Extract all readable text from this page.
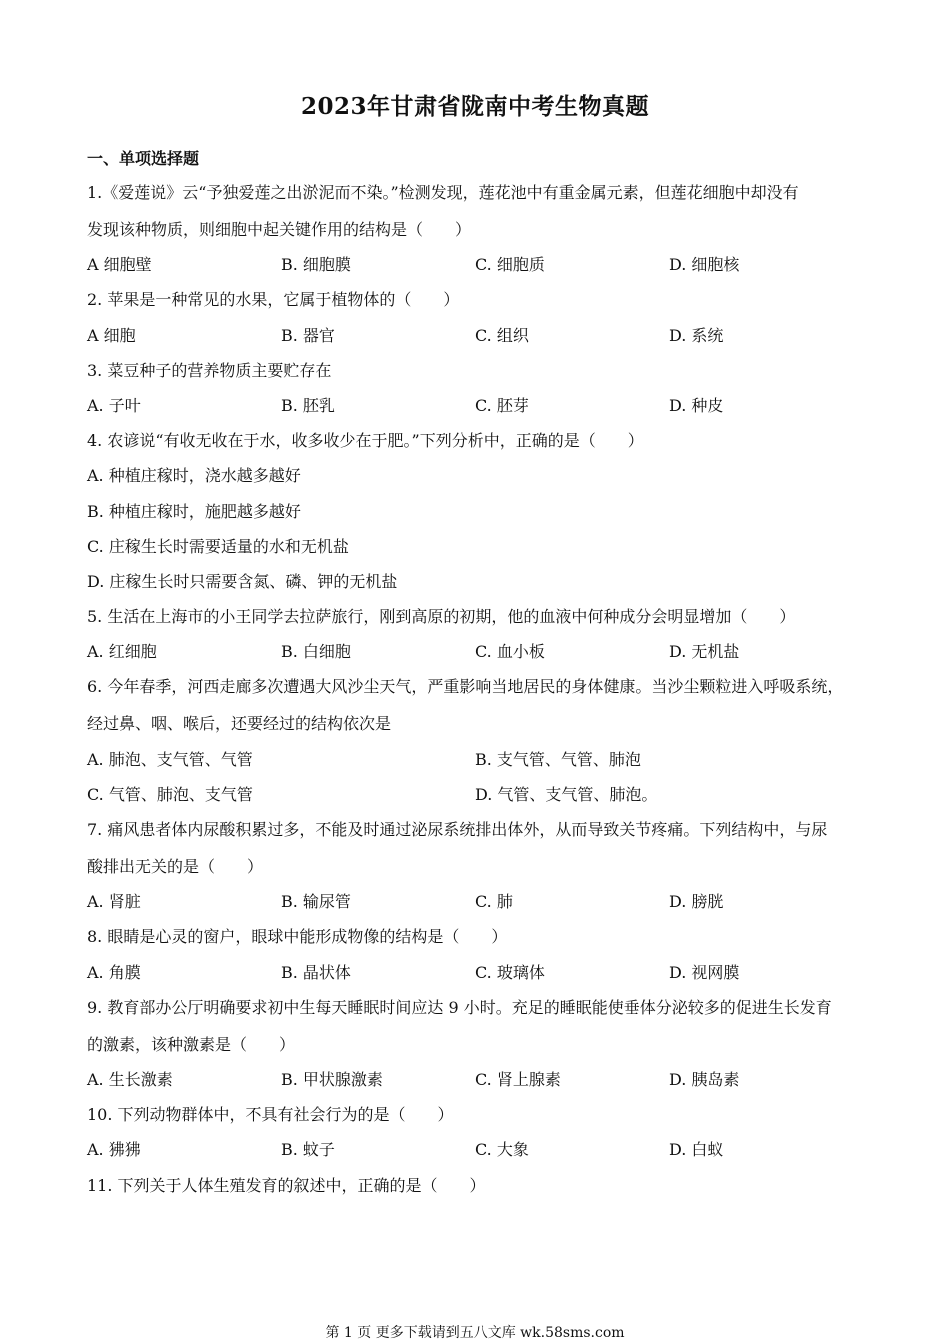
2023年甘肃省陇南中考生物真题
一、单项选择题
1.《爱莲说》云“予独爱莲之出淤泥而不染。”检测发现，莲花池中有重金属元素，但莲花细胞中却没有
发现该种物质，则细胞中起关键作用的结构是（　　）
A 细胞壁	B. 细胞膜	C. 细胞质	D. 细胞核
2. 苹果是一种常见的水果，它属于植物体的（　　）
A 细胞	B. 器官	C. 组织	D. 系统
3. 菜豆种子的营养物质主要贮存在
A. 子叶	B. 胚乳	C. 胚芽	D. 种皮
4. 农谚说“有收无收在于水，收多收少在于肥。”下列分析中，正确的是（　　）
A. 种植庄稼时，浇水越多越好
B. 种植庄稼时，施肥越多越好
C. 庄稼生长时需要适量的水和无机盐
D. 庄稼生长时只需要含氮、磷、钾的无机盐
5. 生活在上海市的小王同学去拉萨旅行，刚到高原的初期，他的血液中何种成分会明显增加（　　）
A. 红细胞	B. 白细胞	C. 血小板	D. 无机盐
6. 今年春季，河西走廊多次遭遇大风沙尘天气，严重影响当地居民的身体健康。当沙尘颗粒进入呼吸系统，
经过鼻、咽、喉后，还要经过的结构依次是
A. 肺泡、支气管、气管	B. 支气管、气管、肺泡
C. 气管、肺泡、支气管	D. 气管、支气管、肺泡。
7. 痛风患者体内尿酸积累过多，不能及时通过泌尿系统排出体外，从而导致关节疼痛。下列结构中，与尿
酸排出无关的是（　　）
A. 肾脏	B. 输尿管	C. 肺	D. 膀胱
8. 眼睛是心灵的窗户，眼球中能形成物像的结构是（　　）
A. 角膜	B. 晶状体	C. 玻璃体	D. 视网膜
9. 教育部办公厅明确要求初中生每天睡眠时间应达 9 小时。充足的睡眠能使垂体分泌较多的促进生长发育
的激素，该种激素是（　　）
A. 生长激素	B. 甲状腺激素	C. 肾上腺素	D. 胰岛素
10. 下列动物群体中，不具有社会行为的是（　　）
A. 狒狒	B. 蚊子	C. 大象	D. 白蚁
11. 下列关于人体生殖发育的叙述中，正确的是（　　）
第 1 页 更多下载请到五八文库 wk.58sms.com
